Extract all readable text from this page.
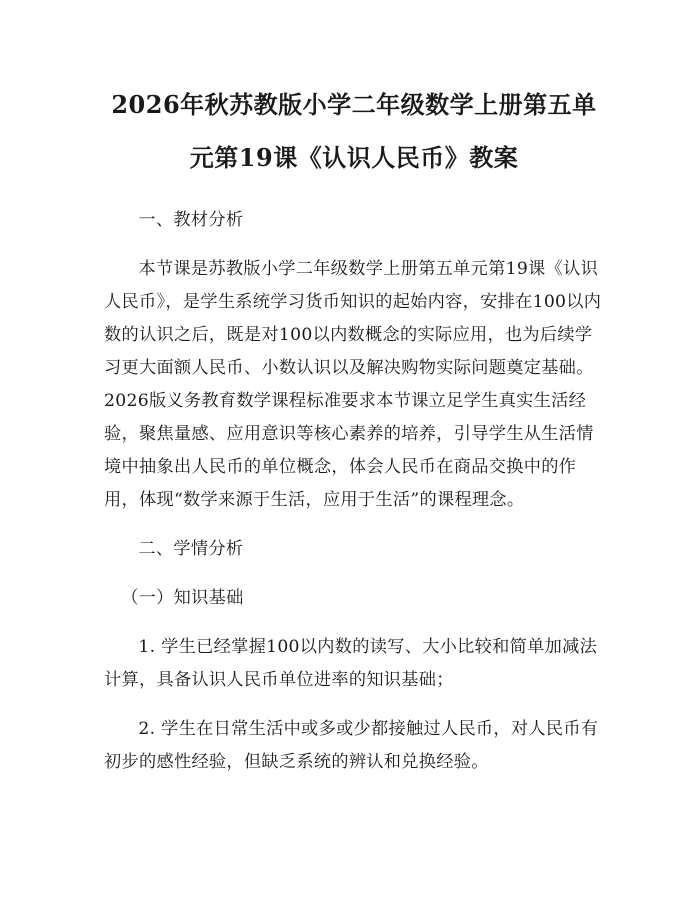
2026年秋苏教版小学二年级数学上册第五单
元第19课《认识人民币》教案

一、教材分析

本节课是苏教版小学二年级数学上册第五单元第19课《认识人民币》，是学生系统学习货币知识的起始内容，安排在100以内数的认识之后，既是对100以内数概念的实际应用，也为后续学习更大面额人民币、小数认识以及解决购物实际问题奠定基础。2026版义务教育数学课程标准要求本节课立足学生真实生活经验，聚焦量感、应用意识等核心素养的培养，引导学生从生活情境中抽象出人民币的单位概念，体会人民币在商品交换中的作用，体现“数学来源于生活，应用于生活”的课程理念。

二、学情分析

（一）知识基础

1. 学生已经掌握100以内数的读写、大小比较和简单加减法计算，具备认识人民币单位进率的知识基础；

2. 学生在日常生活中或多或少都接触过人民币，对人民币有初步的感性经验，但缺乏系统的辨认和兑换经验。
